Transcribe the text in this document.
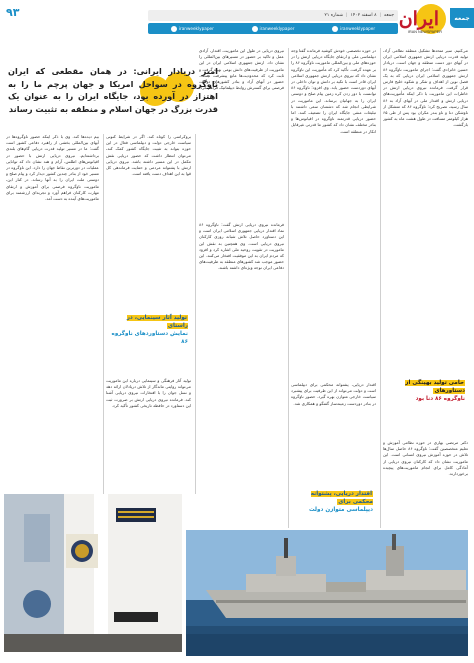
۹۳	جمعه
|
۸ اسفند ۱۴۰۲
|
شماره ۲۱
iranweeklypaper	iranweeklypaper	iranweeklypaper ایران
IRAN NEWSPAPER
جمعه
امیر دریادار ایرانی: در همان مقطعی که ایران ناوگروه در سواحل امریکا و جهان پرچم ما را به اهتزاز در آورده بود، جایگاه ایران را به عنوان یک قدرت بزرگ در جهان اسلام و منطقه به تثبیت رساند

می‌کنیم. سیر متحدها تشکیل منطقه نظامی آزاد، تولید قدرت دریایی ارتش جمهوری اسلامی ایران در آبهای دور دست منطقه و جهان است. دریادار حسین خانزادی گفت: اجرای ماموریت ناوگروه ۸۶ ارتش جمهوری اسلامی ایران دریایی که به یک فصل نوین از اهداف و تفکر و شکوه خلیج فارس قرار گرفت. فرمانده نیروی دریایی ارتش در خاطرات این ماموریت با ذکر اینکه مأموریت‌های دریایی ارتش و اقتدار ملی در آبهای آزاد به ۸۶ سال رسید، تصریح کرد: ناوگروه ۸۶ که متشکل از ناوشکن دنا و ناو بندر مکران بود پس از طی ۶۵ هزار کیلومتر مسافت در طول هشت ماه به کشور بازگشت.

در حوزه تخصصی خودش کوشید فرمانده گفتا وجه دیپلماسی ملی و ارتقای جایگاه دریایی ارتش را در حوزه‌های ملی و بین‌المللی ماموریت ناوگروه ۸۶ را بر عهده گرفت. تأکید کرد که مأموریت این ناوگروه نشان داد که نیروی دریایی ارتش جمهوری اسلامی ایران قادر است با تکیه بر دانش و توان داخلی در آبهای دوردست حضور یابد. وی افزود: ناوگروه ۸۶ توانست با دور زدن کره زمین پیام صلح و دوستی ایران را به جهانیان برساند. این ماموریت در شرایطی انجام شد که دشمنان سعی داشتند با تبلیغات منفی جایگاه ایران را تضعیف کنند. اما حضور دریایی قدرتمند ناوگروه در اقیانوس‌ها و بنادر مختلف نشان داد که کشور ما قدرتی غیرقابل انکار در منطقه است.

نیروی دریایی در طول این ماموریت، اقتدار، آزادی عمل و تاکید بر حضور در مسیرهای بین‌المللی را نشان داد. ارتش جمهوری اسلامی ایران در این ماموریت از ظرفیت‌های دانش بومی بهره گرفت و ثابت کرد که محدودیت‌ها مانع پیشرفت نیست. حضور در آبهای آزاد و بنادر کشورهای دوست فرصتی برای گسترش روابط دیپلماتیک فراهم کرد.

فرمانده نیروی دریایی ارتش گفت: ناوگروه ۸۶ نماد اقتدار دریایی جمهوری اسلامی ایران است و این دستاورد حاصل تلاش شبانه روزی کارکنان نیروی دریایی است. وی همچنین به نقش این ماموریت در تقویت روحیه ملی اشاره کرد و افزود که مردم ایران به این موفقیت افتخار می‌کنند. این حضور موجب شد کشورهای منطقه به ظرفیت‌های دفاعی ایران توجه ویژه‌ای داشته باشند.

بروکراسی را کوتاه کند. اگر در شرایط کنونی سیاست خارجی دولت و دیپلماسی فعال در این حوزه بتواند به تثبیت جایگاه کشور کمک کند، می‌توان انتظار داشت که حضور دریایی نقش مکمل در این مسیر داشته باشد. نیروی دریایی ارتش با پشتوانه مردمی و حمایت فرماندهی کل قوا به این اهداف دست یافته است.

تولید آثار فرهنگی و سینمایی درباره این ماموریت می‌تواند روایتی ماندگار از تلاش دریادلان ارائه دهد و نسل جوان را با افتخارات نیروی دریایی آشنا کند. فرمانده نیروی دریایی ارتش بر ضرورت ثبت این دستاورد در حافظه تاریخی کشور تأکید کرد.

بیم دیده‌ها کند. وی با ذکر اینکه حضور ناوگروه‌ها در آبهای بین‌المللی بخشی از راهبرد دفاعی کشور است گفت: ما در مسیر تولید قدرت دریایی گام‌های بلندی برداشته‌ایم. نیروی دریایی ارتش با حضور در اقیانوس‌های اطلس، آرام و هند نشان داد که توانایی عملیات در دورترین نقاط جهان را دارد. این ناوگروه در مسیر خود از بنادر چندین کشور دیدار کرد و پیام صلح و دوستی ملت ایران را به آنها رساند. در کنار این، ماموریت ناوگروه فرصتی برای آموزش و ارتقای مهارت کارکنان فراهم آورد و تجربه‌ای ارزشمند برای ماموریت‌های آینده به دست آمد.

دکتر مرتضی بهاری در حوزه نظامی آموزش و تعلیم متخصصین گفت: ناوگروه ۸۶ حاصل سال‌ها تلاش در حوزه آموزش نیروی انسانی است. این ماموریت نشان داد که کارکنان نیروی دریایی از آمادگی کامل برای انجام ماموریت‌های پیچیده برخوردارند.

اقتدار دریایی، پشتوانه محکمی برای دیپلماسی است و دولت می‌تواند از این ظرفیت برای پیشبرد سیاست خارجی متوازن بهره گیرد. حضور ناوگروه در بنادر دوردست زمینه‌ساز گفتگو و همکاری شد.

حامی تولید بهینگی از دستاورهای
ناوگروه ۸۶ دنا بود
اقتدار دریایی، پشتوانه محکمی برای
دیپلماسی متوازن دولت
تولید آثار سینمایی، در راستای
نمایش دستاوردهای ناوگروه ۸۶
